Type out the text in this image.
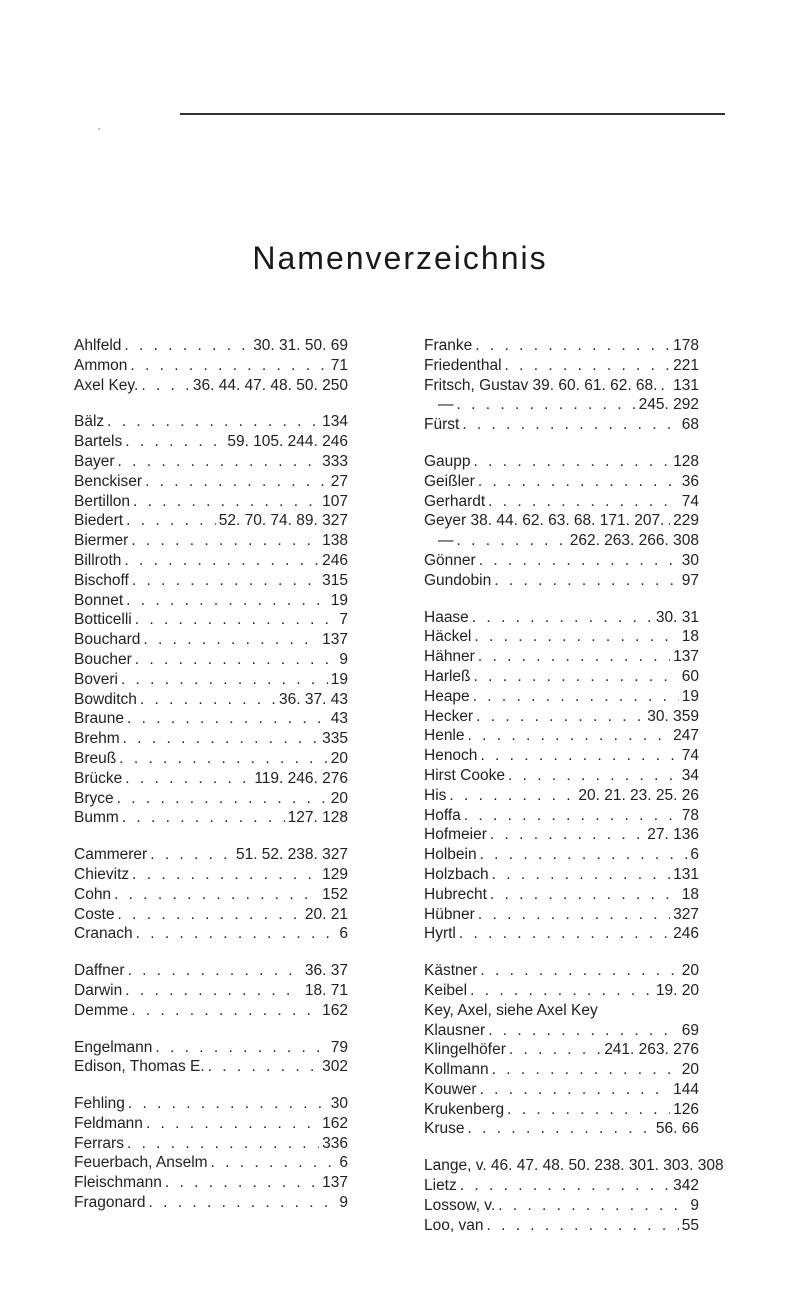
Namenverzeichnis
Ahlfeld . . .	30. 31. 50. 69
Ammon . . .	71
Axel Key. . . .	36. 44. 47. 48. 50. 250
Bälz . . .	134
Bartels . . .	59. 105. 244. 246
Bayer . . .	333
Benckiser . . .	27
Bertillon . . .	107
Biedert . . .	52. 70. 74. 89. 327
Biermer . . .	138
Billroth . . .	246
Bischoff . . .	315
Bonnet . . .	19
Botticelli . . .	7
Bouchard . . .	137
Boucher . . .	9
Boveri . . .	19
Bowditch . . .	36. 37. 43
Braune . . .	43
Brehm . . .	335
Breuß . . .	20
Brücke . . .	119. 246. 276
Bryce . . .	20
Bumm . . .	127. 128
Cammerer . . .	51. 52. 238. 327
Chievitz . . .	129
Cohn . . .	152
Coste . . .	20. 21
Cranach . . .	6
Daffner . . .	36. 37
Darwin . . .	18. 71
Demme . . .	162
Engelmann . . .	79
Edison, Thomas E. . . .	302
Fehling . . .	30
Feldmann . . .	162
Ferrars . . .	336
Feuerbach, Anselm . . .	6
Fleischmann . . .	137
Fragonard . . .	9
Franke . . .	178
Friedenthal . . .	221
Fritsch, Gustav 39. 60. 61. 62. 68. . . . 131
— . . .	245. 292
Fürst . . .	68
Gaupp . . .	128
Geißler . . .	36
Gerhardt . . .	74
Geyer 38. 44. 62. 63. 68. 171. 207. . . . 229
— . . .	262. 263. 266. 308
Gönner . . .	30
Gundobin . . .	97
Haase . . .	30. 31
Häckel . . .	18
Hähner . . .	137
Harleß . . .	60
Heape . . .	19
Hecker . . .	30. 359
Henle . . .	247
Henoch . . .	74
Hirst Cooke . . .	34
His . . .	20. 21. 23. 25. 26
Hoffa . . .	78
Hofmeier . . .	27. 136
Holbein . . .	6
Holzbach . . .	131
Hubrecht . . .	18
Hübner . . .	327
Hyrtl . . .	246
Kästner . . .	20
Keibel . . .	19. 20
Key, Axel, siehe Axel Key
Klausner . . .	69
Klingelhöfer . . .	241. 263. 276
Kollmann . . .	20
Kouwer . . .	144
Krukenberg . . .	126
Kruse . . .	56. 66
Lange, v. 46. 47. 48. 50. 238. 301. 303. 308
Lietz . . .	342
Lossow, v. . . .	9
Loo, van . . .	55
